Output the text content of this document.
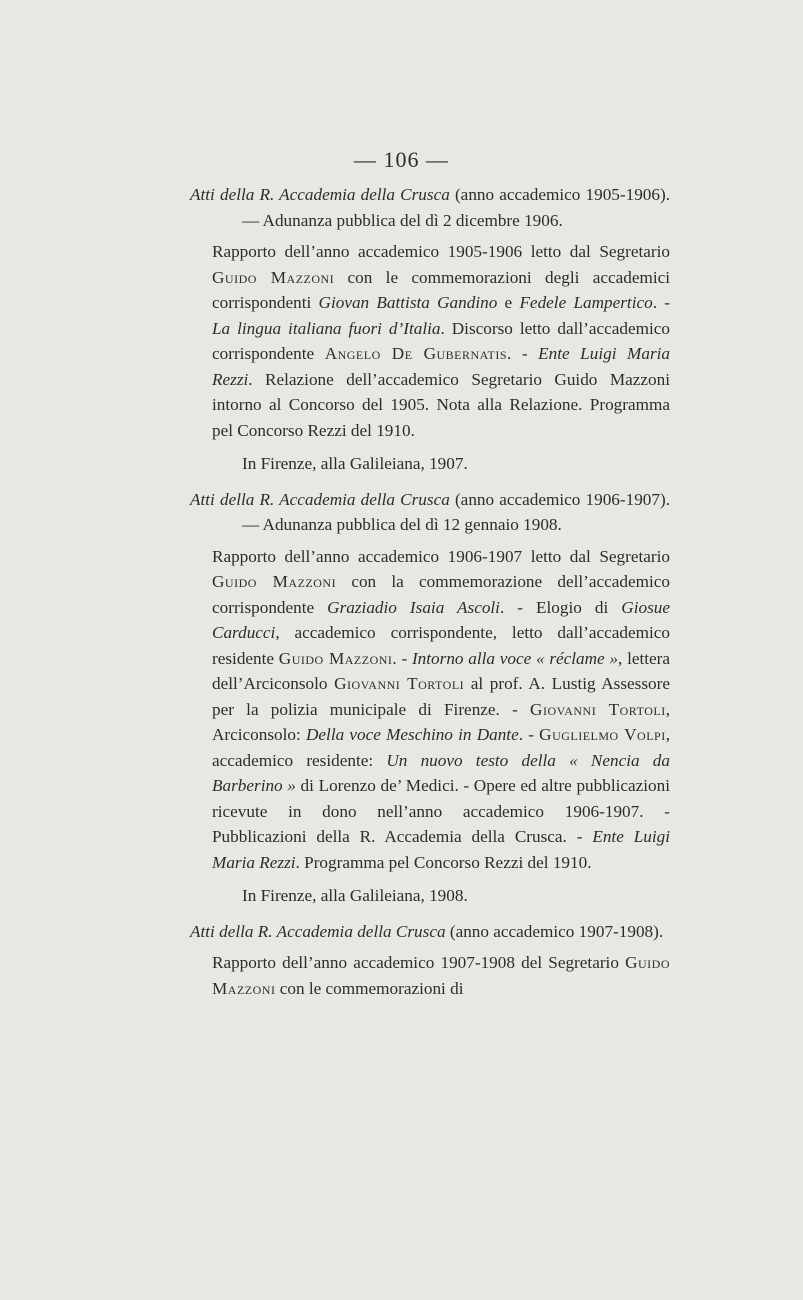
— 106 —

Atti della R. Accademia della Crusca (anno accademico 1905-1906). — Adunanza pubblica del dì 2 dicembre 1906.

Rapporto dell’anno accademico 1905-1906 letto dal Segretario Guido Mazzoni con le commemorazioni degli accademici corrispondenti Giovan Battista Gandino e Fedele Lampertico. - La lingua italiana fuori d’Italia. Discorso letto dall’accademico corrispondente Angelo De Gubernatis. - Ente Luigi Maria Rezzi. Relazione dell’accademico Segretario Guido Mazzoni intorno al Concorso del 1905. Nota alla Relazione. Programma pel Concorso Rezzi del 1910.

In Firenze, alla Galileiana, 1907.

Atti della R. Accademia della Crusca (anno accademico 1906-1907). — Adunanza pubblica del dì 12 gennaio 1908.

Rapporto dell’anno accademico 1906-1907 letto dal Segretario Guido Mazzoni con la commemorazione dell’accademico corrispondente Graziadio Isaia Ascoli. - Elogio di Giosue Carducci, accademico corrispondente, letto dall’accademico residente Guido Mazzoni. - Intorno alla voce « réclame », lettera dell’Arciconsolo Giovanni Tortoli al prof. A. Lustig Assessore per la polizia municipale di Firenze. - Giovanni Tortoli, Arciconsolo: Della voce Meschino in Dante. - Guglielmo Volpi, accademico residente: Un nuovo testo della « Nencia da Barberino » di Lorenzo de’ Medici. - Opere ed altre pubblicazioni ricevute in dono nell’anno accademico 1906-1907. - Pubblicazioni della R. Accademia della Crusca. - Ente Luigi Maria Rezzi. Programma pel Concorso Rezzi del 1910.

In Firenze, alla Galileiana, 1908.

Atti della R. Accademia della Crusca (anno accademico 1907-1908).

Rapporto dell’anno accademico 1907-1908 del Segretario Guido Mazzoni con le commemorazioni di
